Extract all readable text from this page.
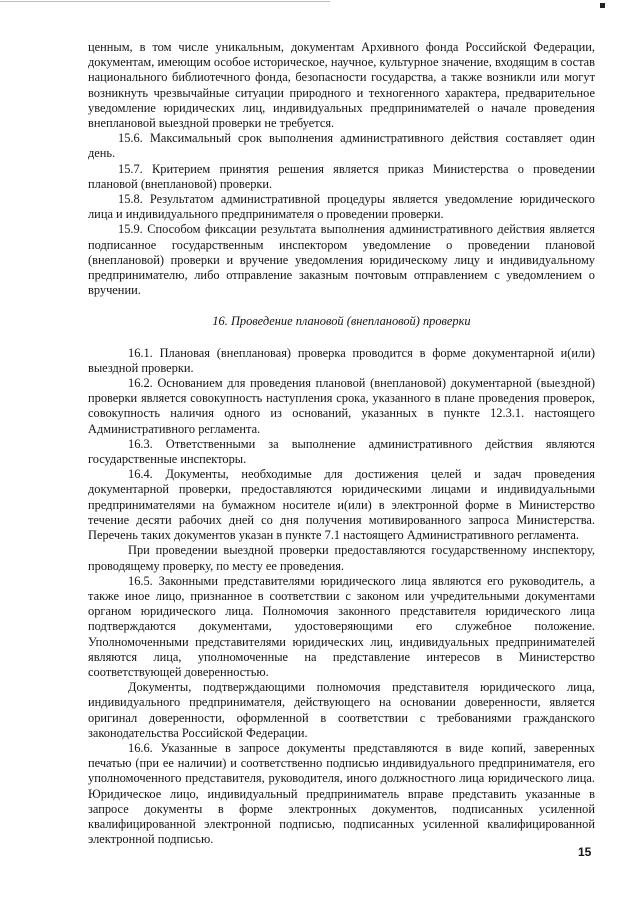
ценным, в том числе уникальным, документам Архивного фонда Российской Федерации, документам, имеющим особое историческое, научное, культурное значение, входящим в состав национального библиотечного фонда, безопасности государства, а также возникли или могут возникнуть чрезвычайные ситуации природного и техногенного характера, предварительное уведомление юридических лиц, индивидуальных предпринимателей о начале проведения внеплановой выездной проверки не требуется.

15.6. Максимальный срок выполнения административного действия составляет один день.

15.7. Критерием принятия решения является приказ Министерства о проведении плановой (внеплановой) проверки.

15.8. Результатом административной процедуры является уведомление юридического лица и индивидуального предпринимателя о проведении проверки.

15.9. Способом фиксации результата выполнения административного действия является подписанное государственным инспектором уведомление о проведении плановой (внеплановой) проверки и вручение уведомления юридическому лицу и индивидуальному предпринимателю, либо отправление заказным почтовым отправлением с уведомлением о вручении.

16. Проведение плановой (внеплановой) проверки

16.1. Плановая (внеплановая) проверка проводится в форме документарной и(или) выездной проверки.

16.2. Основанием для проведения плановой (внеплановой) документарной (выездной) проверки является совокупность наступления срока, указанного в плане проведения проверок, совокупность наличия одного из оснований, указанных в пункте 12.3.1. настоящего Административного регламента.

16.3. Ответственными за выполнение административного действия являются государственные инспекторы.

16.4. Документы, необходимые для достижения целей и задач проведения документарной проверки, предоставляются юридическими лицами и индивидуальными предпринимателями на бумажном носителе и(или) в электронной форме в Министерство течение десяти рабочих дней со дня получения мотивированного запроса Министерства. Перечень таких документов указан в пункте 7.1 настоящего Административного регламента.

При проведении выездной проверки предоставляются государственному инспектору, проводящему проверку, по месту ее проведения.

16.5. Законными представителями юридического лица являются его руководитель, а также иное лицо, признанное в соответствии с законом или учредительными документами органом юридического лица. Полномочия законного представителя юридического лица подтверждаются документами, удостоверяющими его служебное положение. Уполномоченными представителями юридических лиц, индивидуальных предпринимателей являются лица, уполномоченные на представление интересов в Министерство соответствующей доверенностью.

Документы, подтверждающими полномочия представителя юридического лица, индивидуального предпринимателя, действующего на основании доверенности, является оригинал доверенности, оформленной в соответствии с требованиями гражданского законодательства Российской Федерации.

16.6. Указанные в запросе документы представляются в виде копий, заверенных печатью (при ее наличии) и соответственно подписью индивидуального предпринимателя, его уполномоченного представителя, руководителя, иного должностного лица юридического лица. Юридическое лицо, индивидуальный предприниматель вправе представить указанные в запросе документы в форме электронных документов, подписанных усиленной квалифицированной электронной подписью, подписанных усиленной квалифицированной электронной подписью.

15
